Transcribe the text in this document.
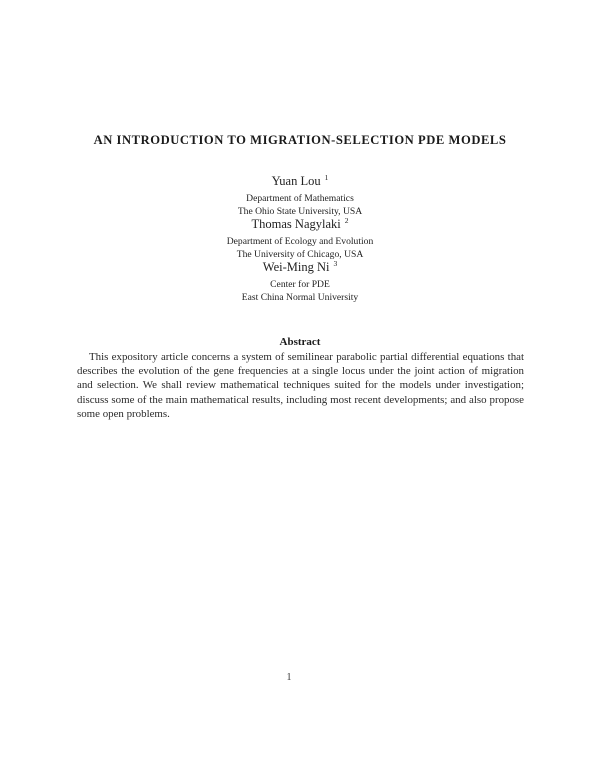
AN INTRODUCTION TO MIGRATION-SELECTION PDE MODELS
Yuan Lou $^1$
Department of Mathematics
The Ohio State University, USA
Thomas Nagylaki $^2$
Department of Ecology and Evolution
The University of Chicago, USA
Wei-Ming Ni $^3$
Center for PDE
East China Normal University
Abstract
This expository article concerns a system of semilinear parabolic partial differential equations that describes the evolution of the gene frequencies at a single locus under the joint action of migration and selection. We shall review mathematical techniques suited for the models under investigation; discuss some of the main mathematical results, including most recent developments; and also propose some open problems.
1
